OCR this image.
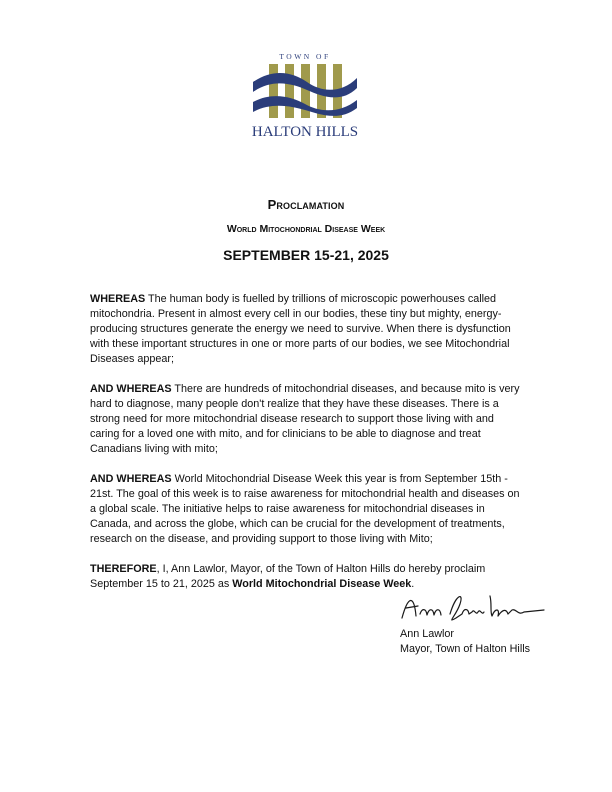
TOWN OF
HALTON HILLS
Proclamation
World Mitochondrial Disease Week
SEPTEMBER 15-21, 2025

WHEREAS The human body is fuelled by trillions of microscopic powerhouses called mitochondria. Present in almost every cell in our bodies, these tiny but mighty, energy-producing structures generate the energy we need to survive. When there is dysfunction with these important structures in one or more parts of our bodies, we see Mitochondrial Diseases appear;

AND WHEREAS There are hundreds of mitochondrial diseases, and because mito is very hard to diagnose, many people don't realize that they have these diseases. There is a strong need for more mitochondrial disease research to support those living with and caring for a loved one with mito, and for clinicians to be able to diagnose and treat Canadians living with mito;

AND WHEREAS World Mitochondrial Disease Week this year is from September 15th - 21st. The goal of this week is to raise awareness for mitochondrial health and diseases on a global scale. The initiative helps to raise awareness for mitochondrial diseases in Canada, and across the globe, which can be crucial for the development of treatments, research on the disease, and providing support to those living with Mito;

THEREFORE, I, Ann Lawlor, Mayor, of the Town of Halton Hills do hereby proclaim September 15 to 21, 2025 as World Mitochondrial Disease Week.

Ann Lawlor
Mayor, Town of Halton Hills
